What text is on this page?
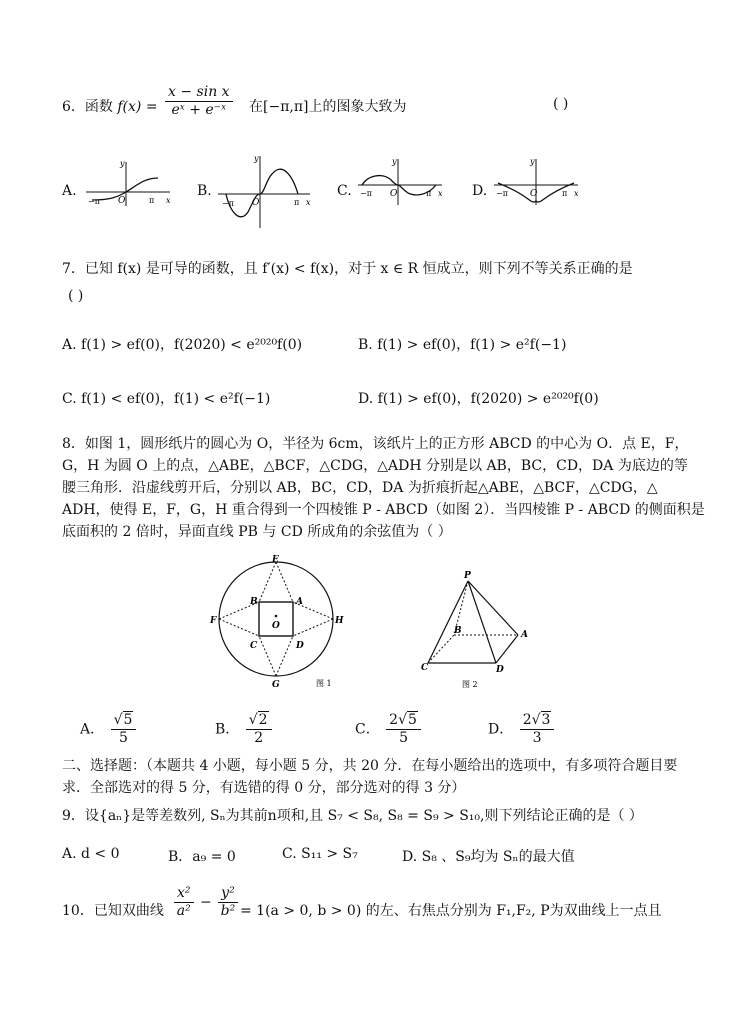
6．函数 $f(x) = \frac{\text{x − sin x}}{\text{eˣ + e⁻ˣ}}$ 在[−π,π]上的图象大致为	( )
A.	B.	C.	D.
−π	π x
y
O	−π	π x
y
O
−π	π x
y
O	−π	π x
y
O
7．已知 f(x) 是可导的函数，且 f′(x) < f(x)，对于 x ∈ R 恒成立，则下列不等关系正确的是
( )
A. f(1) > ef(0)，f(2020) < e²⁰²⁰f(0)	B. f(1) > ef(0)，f(1) > e²f(−1)
C. f(1) < ef(0)，f(1) < e²f(−1)	D. f(1) > ef(0)，f(2020) > e²⁰²⁰f(0)
8．如图 1，圆形纸片的圆心为 O，半径为 6cm，该纸片上的正方形 ABCD 的中心为 O．点 E，F，
G，H 为圆 O 上的点，△ABE，△BCF，△CDG，△ADH 分别是以 AB，BC，CD，DA 为底边的等
腰三角形．沿虚线剪开后，分别以 AB，BC，CD，DA 为折痕折起△ABE，△BCF，△CDG，△
ADH，使得 E，F，G，H 重合得到一个四棱锥 P - ABCD（如图 2）．当四棱锥 P - ABCD 的侧面积是
底面积的 2 倍时，异面直线 PB 与 CD 所成角的余弦值为（ ）
E
F
G
H
B	A
C	D
O
图 1
P
B	A
C	D
图 2
A． $\frac{√5}{5}$	B． $\frac{√2}{2}$	C． $\frac{2√5}{5}$	D． $\frac{2√3}{3}$
二、选择题：（本题共 4 小题，每小题 5 分，共 20 分．在每小题给出的选项中，有多项符合题目要
求．全部选对的得 5 分，有选错的得 0 分，部分选对的得 3 分）
9．设{aₙ}是等差数列, Sₙ为其前n项和,且 S₇ < S₈, S₈ = S₉ > S₁₀,则下列结论正确的是（ ）
A. d < 0	B．a₉ = 0	C. S₁₁ > S₇	D. S₈ 、S₉均为 Sₙ的最大值
10．已知双曲线 $\frac{\text{x²}}{\text{a²}} - \frac{\text{y²}}{\text{b²}} = 1(a > 0$, b > 0) 的左、右焦点分别为 F₁,F₂, P为双曲线上一点且
